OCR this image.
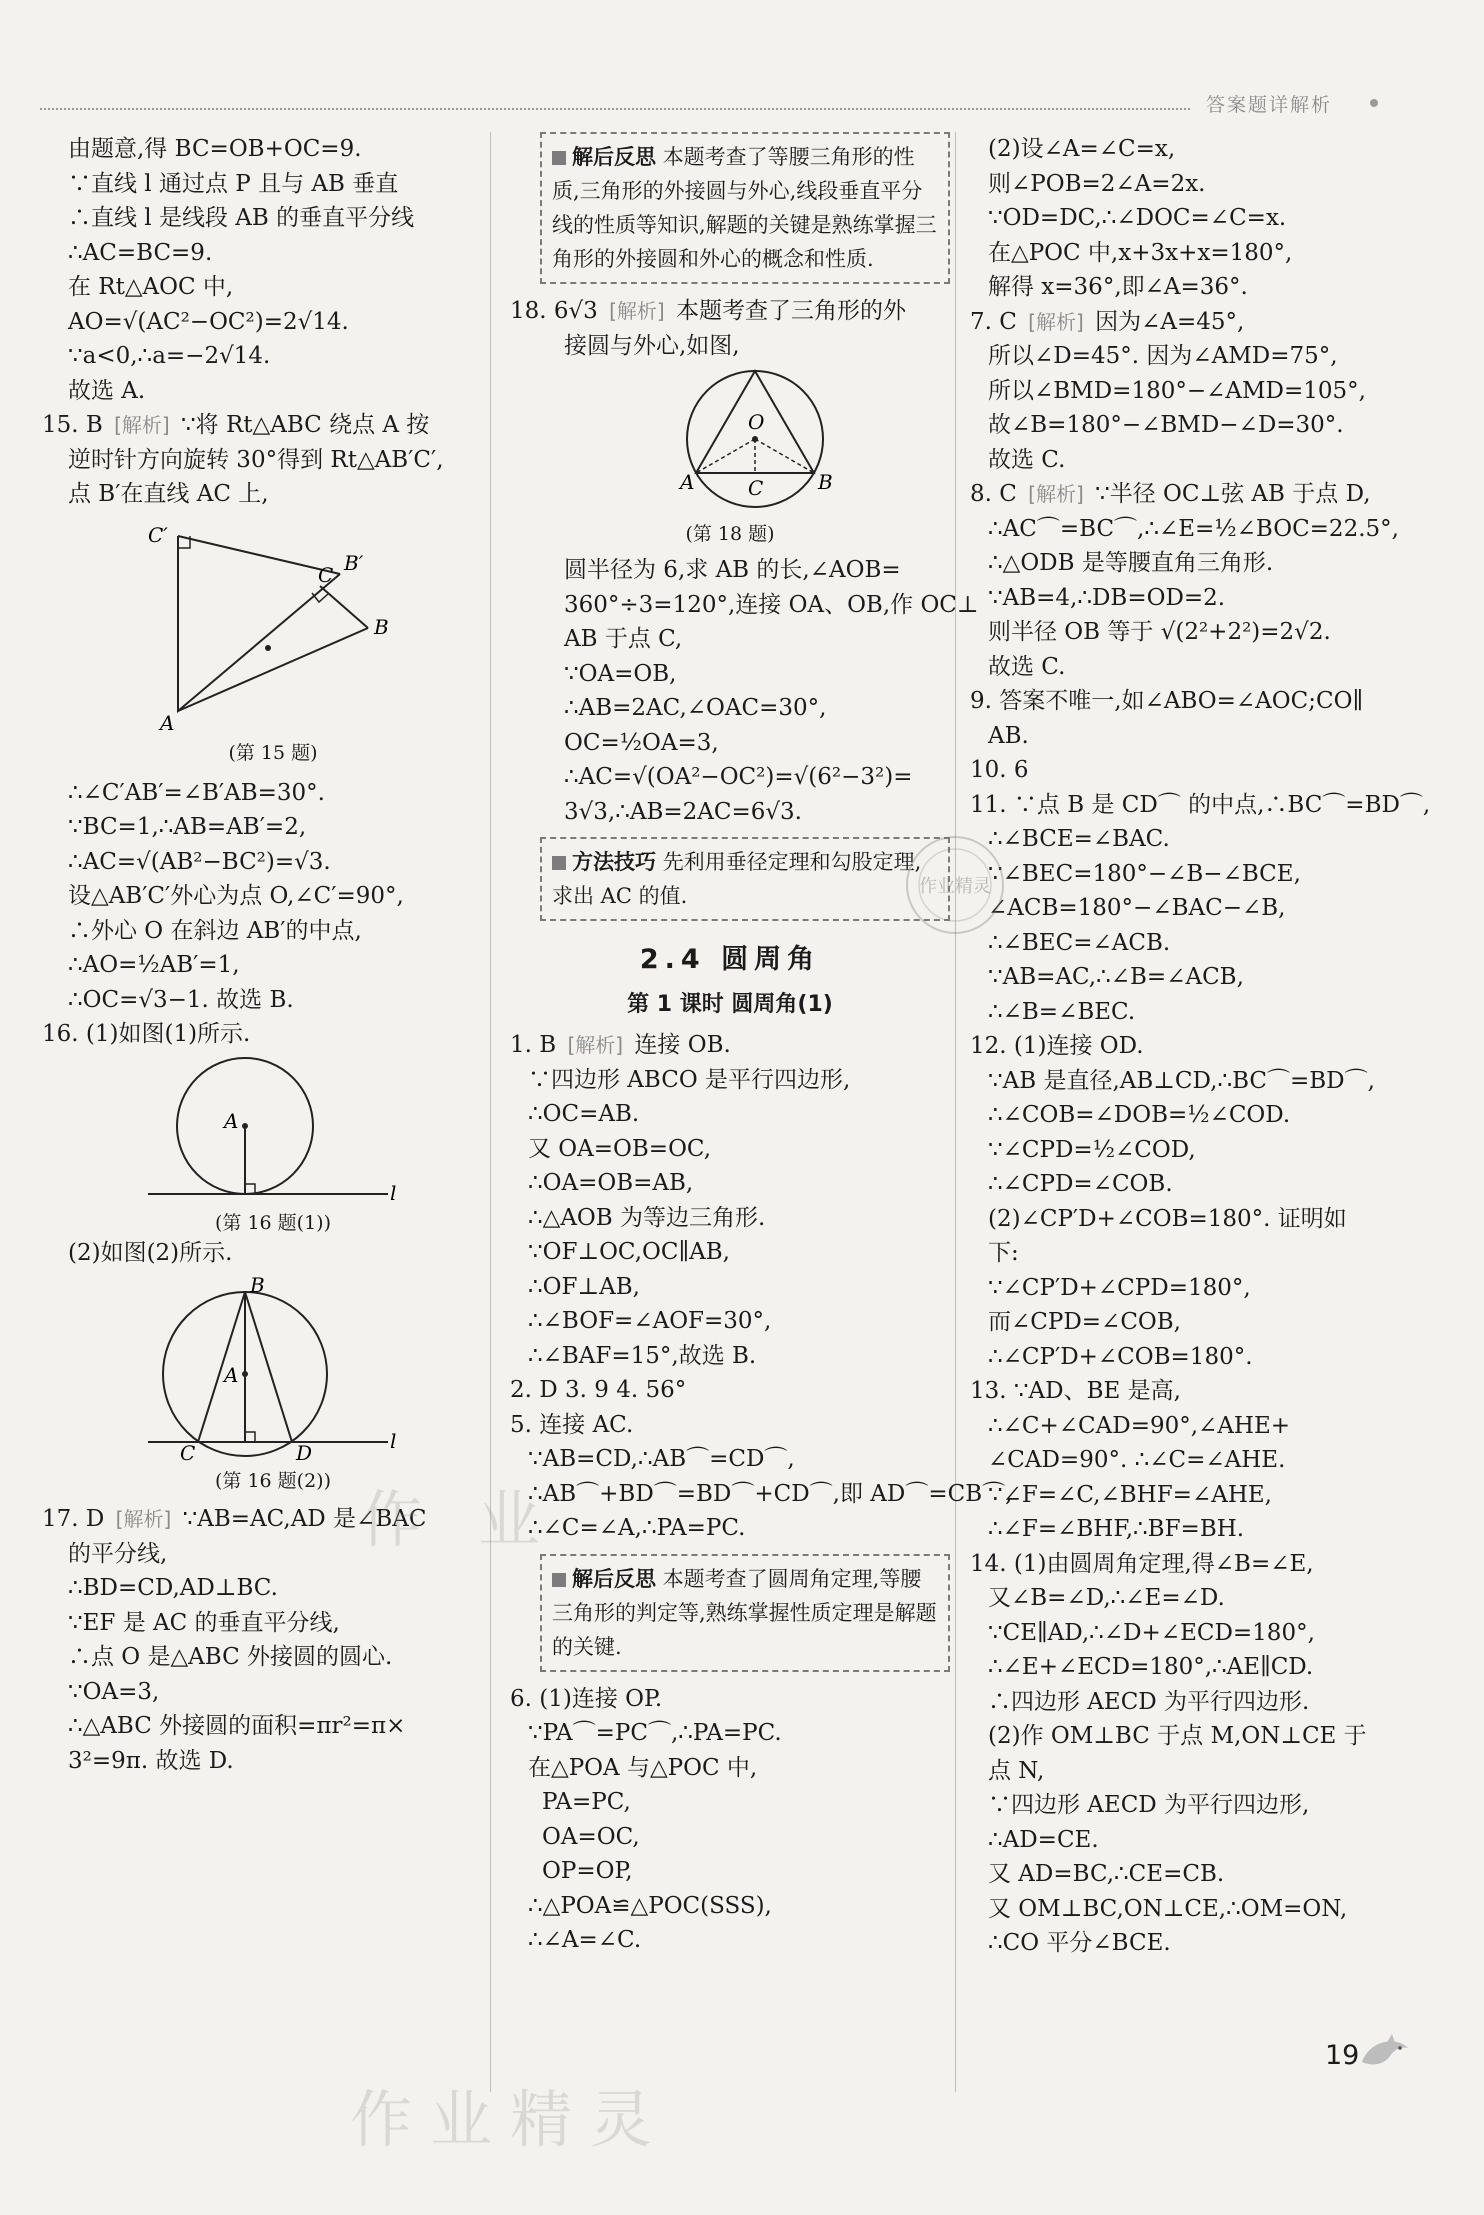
答案题详解析
由题意,得 BC=OB+OC=9.
∵直线 l 通过点 P 且与 AB 垂直
∴直线 l 是线段 AB 的垂直平分线
∴AC=BC=9.
在 Rt△AOC 中,
AO=√(AC²−OC²)=2√14.
∵a<0,∴a=−2√14.
故选 A.
15. B [解析] ∵将 Rt△ABC 绕点 A 按
逆时针方向旋转 30°得到 Rt△AB′C′,
点 B′在直线 AC 上,
C′
B′
C
B
A
(第 15 题)
∴∠C′AB′=∠B′AB=30°.
∵BC=1,∴AB=AB′=2,
∴AC=√(AB²−BC²)=√3.
设△AB′C′外心为点 O,∠C′=90°,
∴外心 O 在斜边 AB′的中点,
∴AO=½AB′=1,
∴OC=√3−1. 故选 B.
16. (1)如图(1)所示.
A
l
(第 16 题(1))
(2)如图(2)所示.
B
A
C	D	l
(第 16 题(2))
17. D [解析] ∵AB=AC,AD 是∠BAC
的平分线,
∴BD=CD,AD⊥BC.
∵EF 是 AC 的垂直平分线,
∴点 O 是△ABC 外接圆的圆心.
∵OA=3,
∴△ABC 外接圆的面积=πr²=π×
3²=9π. 故选 D.
解后反思 本题考查了等腰三角形的性质,三角形的外接圆与外心,线段垂直平分线的性质等知识,解题的关键是熟练掌握三角形的外接圆和外心的概念和性质.
18. 6√3 [解析] 本题考查了三角形的外
接圆与外心,如图,
O
A	C	B
(第 18 题)
圆半径为 6,求 AB 的长,∠AOB=
360°÷3=120°,连接 OA、OB,作 OC⊥
AB 于点 C,
∵OA=OB,
∴AB=2AC,∠OAC=30°,
OC=½OA=3,
∴AC=√(OA²−OC²)=√(6²−3²)=
3√3,∴AB=2AC=6√3.
方法技巧 先利用垂径定理和勾股定理,求出 AC 的值.
2.4 圆周角
第 1 课时 圆周角(1)
1. B [解析] 连接 OB.
∵四边形 ABCO 是平行四边形,
∴OC=AB.
又 OA=OB=OC,
∴OA=OB=AB,
∴△AOB 为等边三角形.
∵OF⊥OC,OC∥AB,
∴OF⊥AB,
∴∠BOF=∠AOF=30°,
∴∠BAF=15°,故选 B.
2. D 3. 9 4. 56°
5. 连接 AC.
∵AB=CD,∴AB⌒=CD⌒,
∴AB⌒+BD⌒=BD⌒+CD⌒,即 AD⌒=CB⌒,
∴∠C=∠A,∴PA=PC.
解后反思 本题考查了圆周角定理,等腰三角形的判定等,熟练掌握性质定理是解题的关键.
6. (1)连接 OP.
∵PA⌒=PC⌒,∴PA=PC.
在△POA 与△POC 中,
PA=PC,
OA=OC,
OP=OP,
∴△POA≌△POC(SSS),
∴∠A=∠C.
(2)设∠A=∠C=x,
则∠POB=2∠A=2x.
∵OD=DC,∴∠DOC=∠C=x.
在△POC 中,x+3x+x=180°,
解得 x=36°,即∠A=36°.
7. C [解析] 因为∠A=45°,
所以∠D=45°. 因为∠AMD=75°,
所以∠BMD=180°−∠AMD=105°,
故∠B=180°−∠BMD−∠D=30°.
故选 C.
8. C [解析] ∵半径 OC⊥弦 AB 于点 D,
∴AC⌒=BC⌒,∴∠E=½∠BOC=22.5°,
∴△ODB 是等腰直角三角形.
∵AB=4,∴DB=OD=2.
则半径 OB 等于 √(2²+2²)=2√2.
故选 C.
9. 答案不唯一,如∠ABO=∠AOC;CO∥
AB.
10. 6
11. ∵点 B 是 CD⌒ 的中点,∴BC⌒=BD⌒,
∴∠BCE=∠BAC.
∵∠BEC=180°−∠B−∠BCE,
∠ACB=180°−∠BAC−∠B,
∴∠BEC=∠ACB.
∵AB=AC,∴∠B=∠ACB,
∴∠B=∠BEC.
12. (1)连接 OD.
∵AB 是直径,AB⊥CD,∴BC⌒=BD⌒,
∴∠COB=∠DOB=½∠COD.
∵∠CPD=½∠COD,
∴∠CPD=∠COB.
(2)∠CP′D+∠COB=180°. 证明如
下:
∵∠CP′D+∠CPD=180°,
而∠CPD=∠COB,
∴∠CP′D+∠COB=180°.
13. ∵AD、BE 是高,
∴∠C+∠CAD=90°,∠AHE+
∠CAD=90°. ∴∠C=∠AHE.
∵∠F=∠C,∠BHF=∠AHE,
∴∠F=∠BHF,∴BF=BH.
14. (1)由圆周角定理,得∠B=∠E,
又∠B=∠D,∴∠E=∠D.
∵CE∥AD,∴∠D+∠ECD=180°,
∴∠E+∠ECD=180°,∴AE∥CD.
∴四边形 AECD 为平行四边形.
(2)作 OM⊥BC 于点 M,ON⊥CE 于
点 N,
∵四边形 AECD 为平行四边形,
∴AD=CE.
又 AD=BC,∴CE=CB.
又 OM⊥BC,ON⊥CE,∴OM=ON,
∴CO 平分∠BCE.
作 业
作业精灵
作业精灵
19
